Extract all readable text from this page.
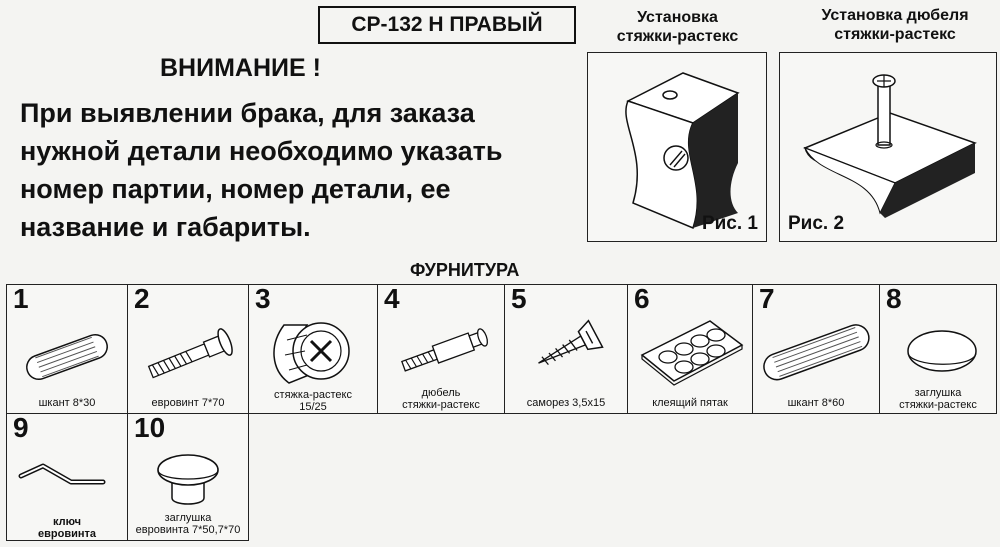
СР-132 Н ПРАВЫЙ
ВНИМАНИЕ !
При выявлении брака, для заказа
нужной детали необходимо указать
номер партии, номер детали, ее
название и габариты.
Установка
стяжки-растекс
Рис. 1
Установка дюбеля
стяжки-растекс
Рис. 2
ФУРНИТУРА
1
шкант 8*30
2
евровинт 7*70
3
стяжка-растекс
15/25
4
дюбель
стяжки-растекс
5
саморез 3,5х15
6
клеящий пятак
7
шкант 8*60
8
заглушка
стяжки-растекс
9
ключ
евровинта
10
заглушка
евровинта 7*50,7*70
